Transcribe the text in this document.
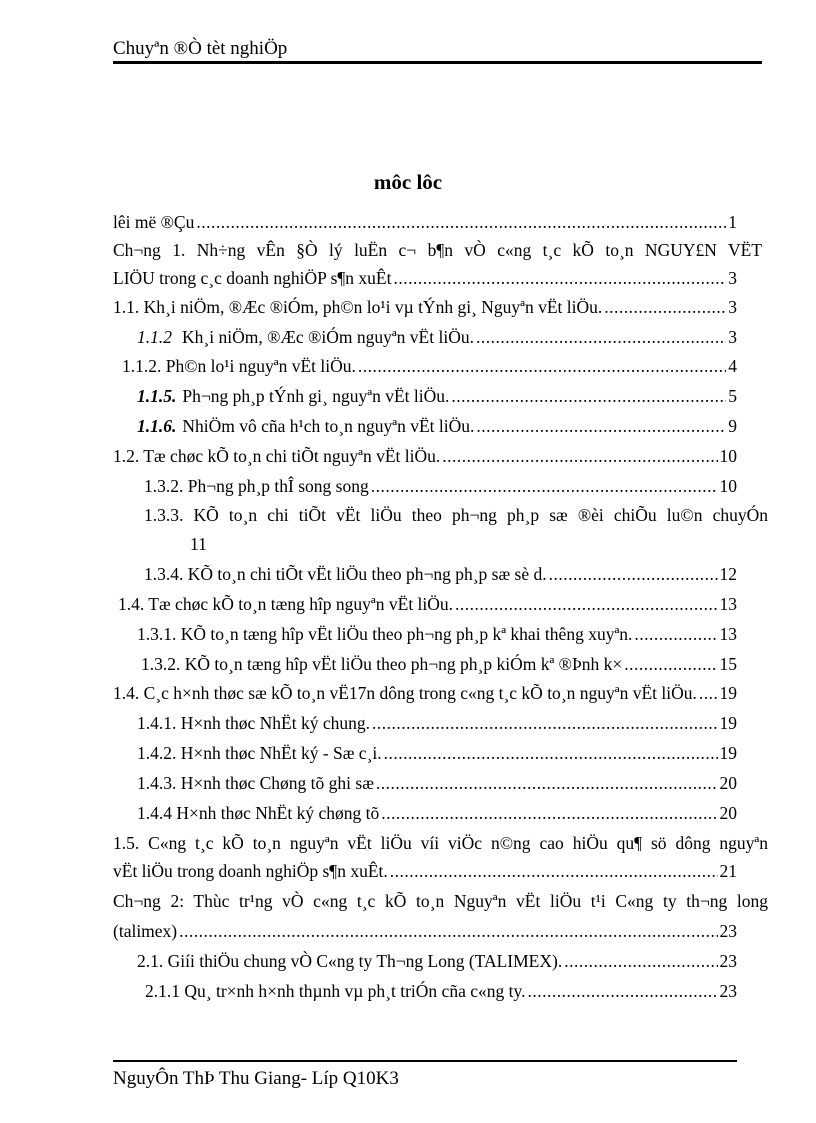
Chuyªn ®Ò tèt nghiÖp
môc lôc
lêi më ®Çu .....	1
Ch¬ng 1. Nh÷ng vÊn §Ò lý luËn c¬ b¶n vÒ c«ng t¸c kÕ to¸n NGUY£N VËT
LIÖU trong c¸c doanh nghiÖP s¶n xuÊt .....	3
1.1. Kh¸i niÖm, ®Æc ®iÓm, ph©n lo¹i vµ tÝnh gi¸ Nguyªn vËt liÖu. .....	3
1.1.2 Kh¸i niÖm, ®Æc ®iÓm nguyªn vËt liÖu. .....	3
1.1.2. Ph©n lo¹i nguyªn vËt liÖu. .....	4
1.1.5. Ph¬ng ph¸p tÝnh gi¸ nguyªn vËt liÖu. .....	5
1.1.6. NhiÖm vô cña h¹ch to¸n nguyªn vËt liÖu. .....	9
1.2. Tæ chøc kÕ to¸n chi tiÕt nguyªn vËt liÖu. .....	10
1.3.2. Ph¬ng ph¸p thÎ song song .....	10
1.3.3. KÕ to¸n chi tiÕt vËt liÖu theo ph¬ng ph¸p sæ ®èi chiÕu lu©n chuyÓn
11
1.3.4. KÕ to¸n chi tiÕt vËt liÖu theo ph¬ng ph¸p sæ sè d. .....	12
1.4. Tæ chøc kÕ to¸n tæng hîp nguyªn vËt liÖu. .....	13
1.3.1. KÕ to¸n tæng hîp vËt liÖu theo ph¬ng ph¸p kª khai thêng xuyªn. .....	13
1.3.2. KÕ to¸n tæng hîp vËt liÖu theo ph¬ng ph¸p kiÓm kª ®Þnh k× .....	15
1.4. C¸c h×nh thøc sæ kÕ to¸n vË17n dông trong c«ng t¸c kÕ to¸n nguyªn vËt liÖu. ..... 19
1.4.1. H×nh thøc NhËt ký chung. .....	19
1.4.2. H×nh thøc NhËt ký - Sæ c¸i. .....	19
1.4.3. H×nh thøc Chøng tõ ghi sæ .....	20
1.4.4 H×nh thøc NhËt ký chøng tõ .....	20
1.5. C«ng t¸c kÕ to¸n nguyªn vËt liÖu víi viÖc n©ng cao hiÖu qu¶ sö dông nguyªn
vËt liÖu trong doanh nghiÖp s¶n xuÊt. .....	21
Ch¬ng 2: Thùc tr¹ng vÒ c«ng t¸c kÕ to¸n Nguyªn vËt liÖu t¹i C«ng ty th¬ng long
(talimex) .....	23
2.1. Giíi thiÖu chung vÒ C«ng ty Th¬ng Long (TALIMEX). .....	23
2.1.1 Qu¸ tr×nh h×nh thµnh vµ ph¸t triÓn cña c«ng ty. .....	23
NguyÔn ThÞ Thu Giang- Líp Q10K3
